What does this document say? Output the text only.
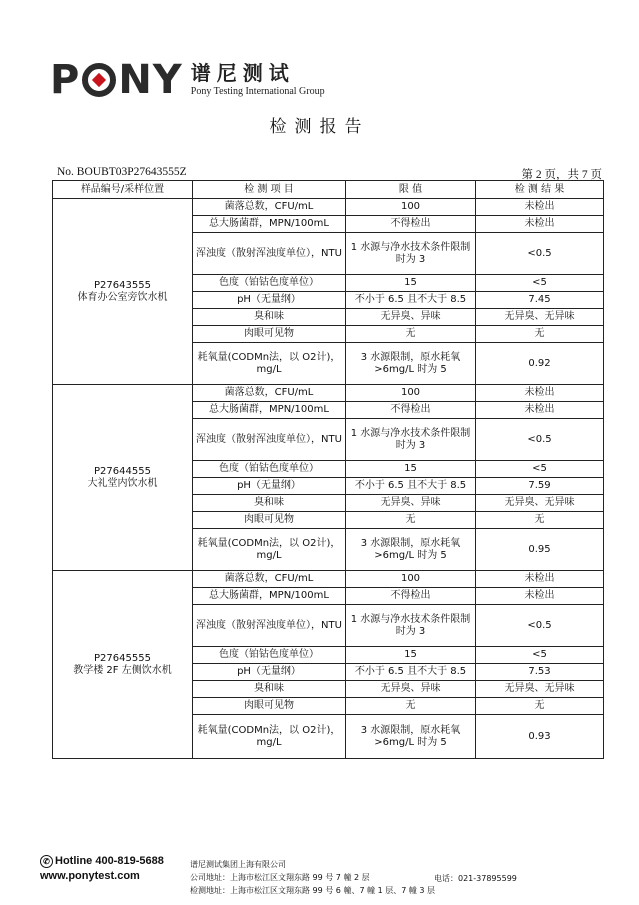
P NY 谱尼测试
Pony Testing International Group
检测报告
No. BOUBT03P27643555Z	第 2 页，共 7 页
样品编号/采样位置	检 测 项 目	限 值	检 测 结 果

P27643555
体育办公室旁饮水机	菌落总数，CFU/mL	100	未检出
	总大肠菌群，MPN/100mL	不得检出	未检出
	浑浊度（散射浑浊度单位），NTU	1 水源与净水技术条件限制时为 3	<0.5
	色度（铂钴色度单位）	15	<5
	pH（无量纲）	不小于 6.5 且不大于 8.5	7.45
	臭和味	无异臭、异味	无异臭、无异味
	肉眼可见物	无	无
	耗氧量(CODMn法，以 O2计)，mg/L	3 水源限制，原水耗氧>6mg/L 时为 5	0.92

P27644555
大礼堂内饮水机	菌落总数，CFU/mL	100	未检出
	总大肠菌群，MPN/100mL	不得检出	未检出
	浑浊度（散射浑浊度单位），NTU	1 水源与净水技术条件限制时为 3	<0.5
	色度（铂钴色度单位）	15	<5
	pH（无量纲）	不小于 6.5 且不大于 8.5	7.59
	臭和味	无异臭、异味	无异臭、无异味
	肉眼可见物	无	无
	耗氧量(CODMn法，以 O2计)，mg/L	3 水源限制，原水耗氧>6mg/L 时为 5	0.95

P27645555
教学楼 2F 左侧饮水机	菌落总数，CFU/mL	100	未检出
	总大肠菌群，MPN/100mL	不得检出	未检出
	浑浊度（散射浑浊度单位），NTU	1 水源与净水技术条件限制时为 3	<0.5
	色度（铂钴色度单位）	15	<5
	pH（无量纲）	不小于 6.5 且不大于 8.5	7.53
	臭和味	无异臭、异味	无异臭、无异味
	肉眼可见物	无	无
	耗氧量(CODMn法，以 O2计)，mg/L	3 水源限制，原水耗氧>6mg/L 时为 5	0.93
✆ Hotline 400-819-5688
www.ponytest.com
谱尼测试集团上海有限公司
公司地址：上海市松江区文翔东路 99 号 7 幢 2 层
检测地址：上海市松江区文翔东路 99 号 6 幢、7 幢 1 层、7 幢 3 层
电话：021-37895599
